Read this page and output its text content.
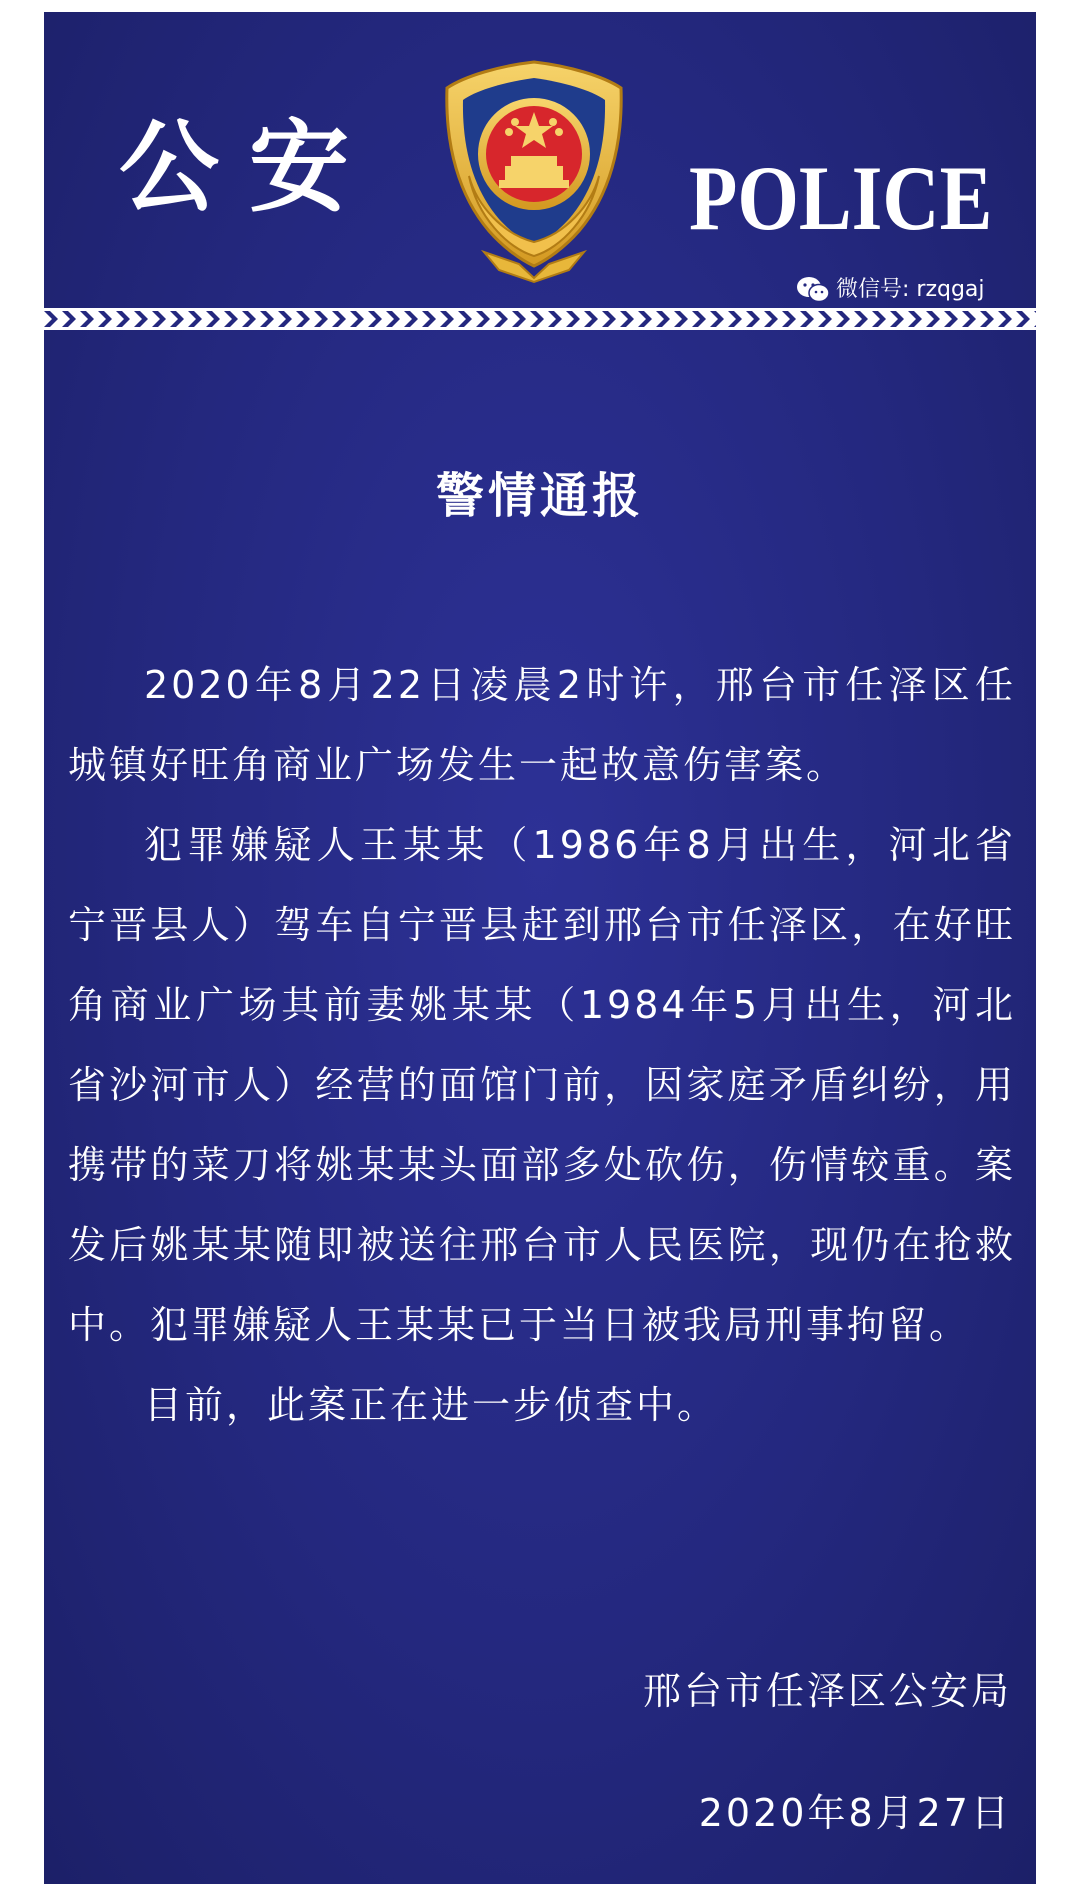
公安	POLICE
微信号: rzqgaj
警情通报

2020年8月22日凌晨2时许，邢台市任泽区任城镇好旺角商业广场发生一起故意伤害案。

犯罪嫌疑人王某某（1986年8月出生，河北省宁晋县人）驾车自宁晋县赶到邢台市任泽区，在好旺角商业广场其前妻姚某某（1984年5月出生，河北省沙河市人）经营的面馆门前，因家庭矛盾纠纷，用携带的菜刀将姚某某头面部多处砍伤，伤情较重。案发后姚某某随即被送往邢台市人民医院，现仍在抢救中。犯罪嫌疑人王某某已于当日被我局刑事拘留。

目前，此案正在进一步侦查中。

邢台市任泽区公安局
2020年8月27日
